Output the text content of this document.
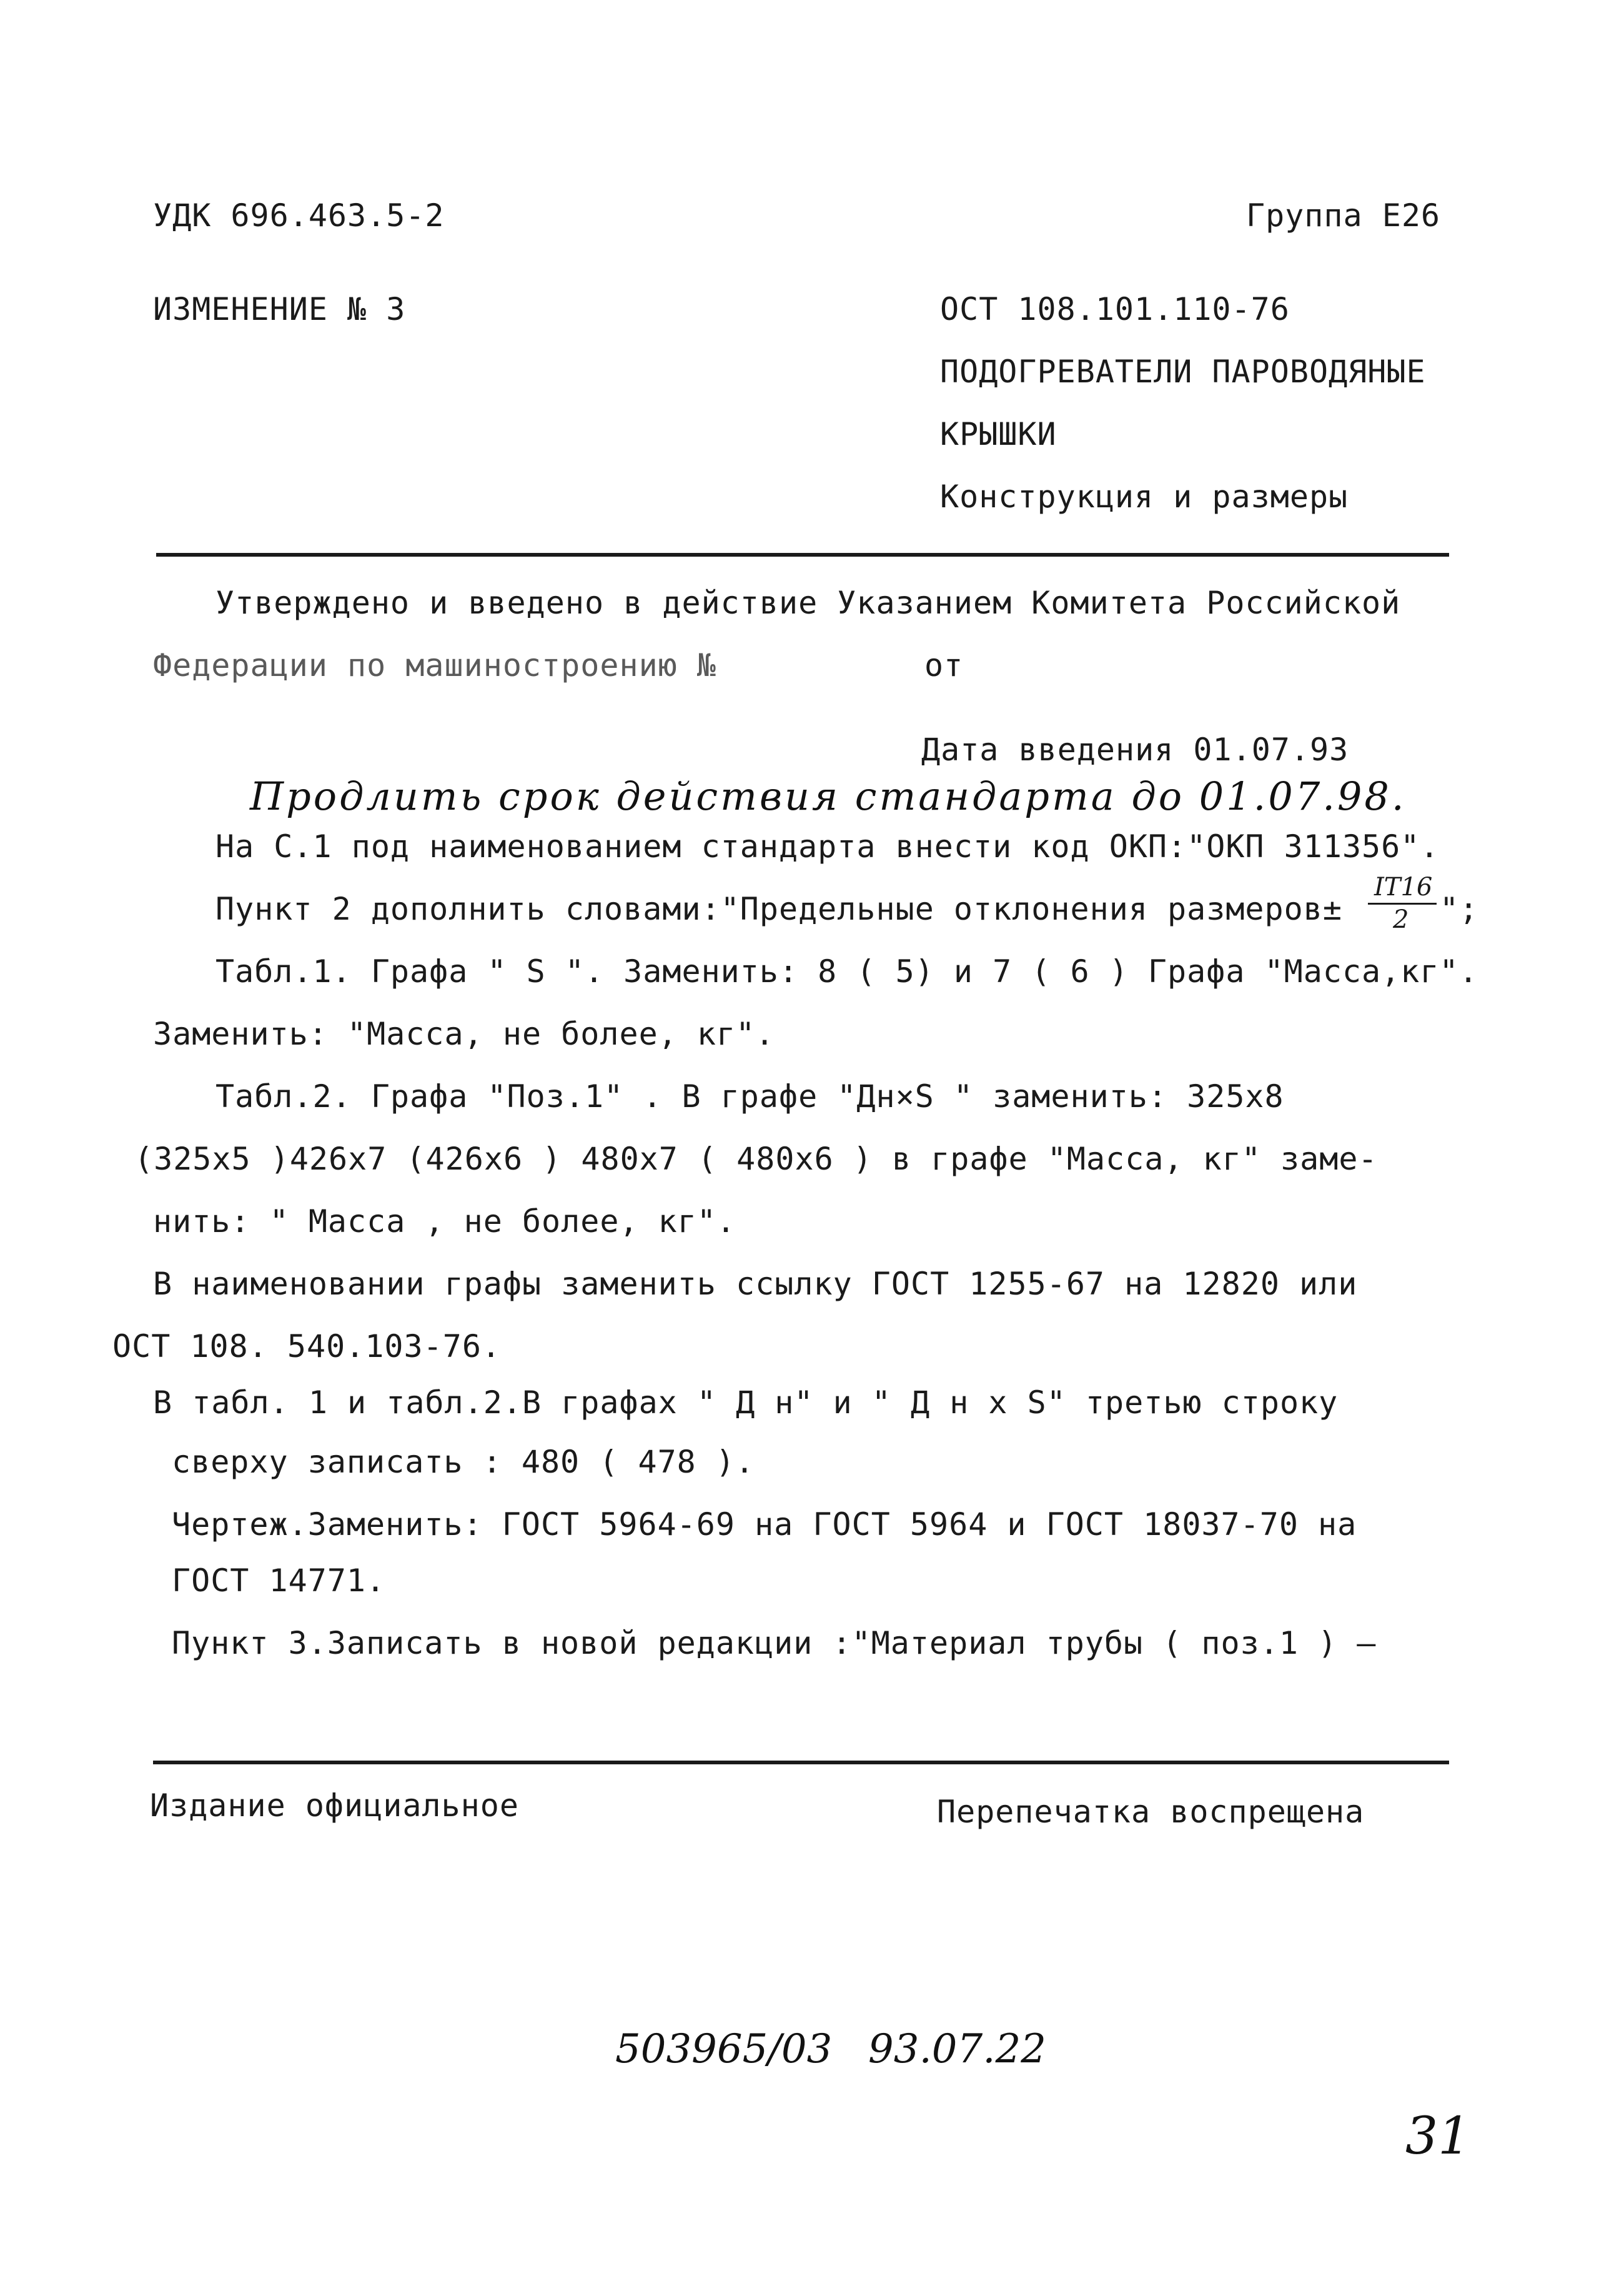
УДК 696.463.5-2
ИЗМЕНЕНИЕ № 3
Группа Е26
ОСТ 108.101.110-76
ПОДОГРЕВАТЕЛИ ПАРОВОДЯНЫЕ
КРЫШКИ
Конструкция и размеры
Утверждено и введено в действие Указанием Комитета Российской
Федерации по машиностроению №	от
Дата введения 01.07.93
Продлить срок действия стандарта до 01.07.98.
На С.1 под наименованием стандарта внести код ОКП:"ОКП 311356".
Пункт 2 дополнить словами:"Предельные отклонения размеров±
IT16
2 ";
Табл.1. Графа " S ". Заменить: 8 ( 5) и 7 ( 6 ) Графа "Масса,кг".
Заменить: "Масса, не более, кг".
Табл.2. Графа "Поз.1" . В графе "Дн×S " заменить: 325x8
(325x5 )426x7 (426x6 ) 480x7 ( 480x6 ) в графе "Масса, кг" заме-
нить: " Масса , не более, кг".
В наименовании графы заменить ссылку ГОСТ 1255-67 на 12820 или
ОСТ 108. 540.103-76.
В табл. 1 и табл.2.В графах " Д н" и " Д н x S" третью строку
сверху записать : 480 ( 478 ).
Чертеж.Заменить: ГОСТ 5964-69 на ГОСТ 5964 и ГОСТ 18037-70 на
ГОСТ 14771.
Пункт 3.Записать в новой редакции :"Материал трубы ( поз.1 ) –
Издание официальное	Перепечатка воспрещена
503965/03 93.07.22
31
